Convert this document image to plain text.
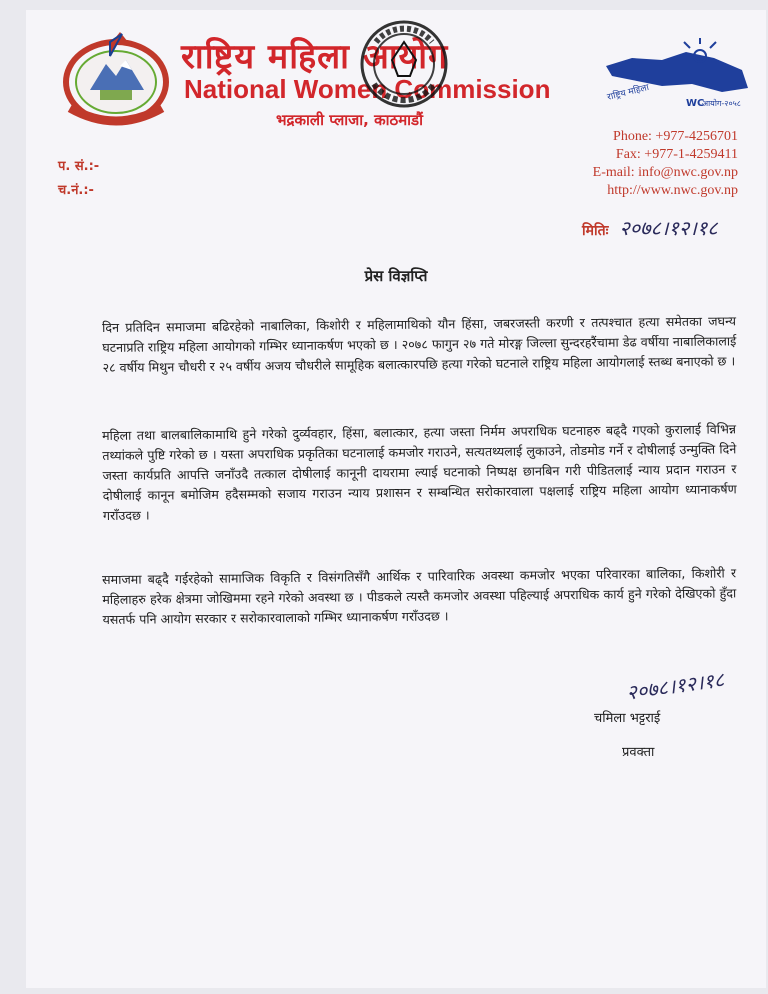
राष्ट्रिय महिला आयोग
National Women Commission
भद्रकाली प्लाजा, काठमाडौं
राष्ट्रिय महिला
WC
आयोग-२०५८
Phone: +977-4256701
Fax: +977-1-4259411
E-mail: info@nwc.gov.np
http://www.nwc.gov.np
प. सं.:-
च.नं.:-
मितिः २०७८।१२।१८
प्रेस विज्ञप्ति
दिन प्रतिदिन समाजमा बढिरहेको नाबालिका, किशोरी र महिलामाथिको यौन हिंसा, जबरजस्ती करणी र तत्पश्चात हत्या समेतका जघन्य घटनाप्रति राष्ट्रिय महिला आयोगको गम्भिर ध्यानाकर्षण भएको छ । २०७८ फागुन २७ गते मोरङ्ग जिल्ला सुन्दरहरैंचामा डेढ वर्षीया नाबालिकालाई २८ वर्षीय मिथुन चौधरी र २५ वर्षीय अजय चौधरीले सामूहिक बलात्कारपछि हत्या गरेको घटनाले राष्ट्रिय महिला आयोगलाई स्तब्ध बनाएको छ ।
महिला तथा बालबालिकामाथि हुने गरेको दुर्व्यवहार, हिंसा, बलात्कार, हत्या जस्ता निर्मम अपराधिक घटनाहरु बढ्दै गएको कुरालाई विभिन्न तथ्यांकले पुष्टि गरेको छ । यस्ता अपराधिक प्रकृतिका घटनालाई कमजोर गराउने, सत्यतथ्यलाई लुकाउने, तोडमोड गर्ने र दोषीलाई उन्मुक्ति दिने जस्ता कार्यप्रति आपत्ति जनाँउदै तत्काल दोषीलाई कानूनी दायरामा ल्याई घटनाको निष्पक्ष छानबिन गरी पीडितलाई न्याय प्रदान गराउन र दोषीलाई कानून बमोजिम हदैसम्मको सजाय गराउन न्याय प्रशासन र सम्बन्धित सरोकारवाला पक्षलाई राष्ट्रिय महिला आयोग ध्यानाकर्षण गराँउदछ ।
समाजमा बढ्दै गईरहेको सामाजिक विकृति र विसंगतिसँगै आर्थिक र पारिवारिक अवस्था कमजोर भएका परिवारका बालिका, किशोरी र महिलाहरु हरेक क्षेत्रमा जोखिममा रहने गरेको अवस्था छ । पीडकले त्यस्तै कमजोर अवस्था पहिल्याई अपराधिक कार्य हुने गरेको देखिएको हुँदा यसतर्फ पनि आयोग सरकार र सरोकारवालाको गम्भिर ध्यानाकर्षण गराँउदछ ।
२०७८।१२।१८
चमिला भट्टराई
प्रवक्ता
